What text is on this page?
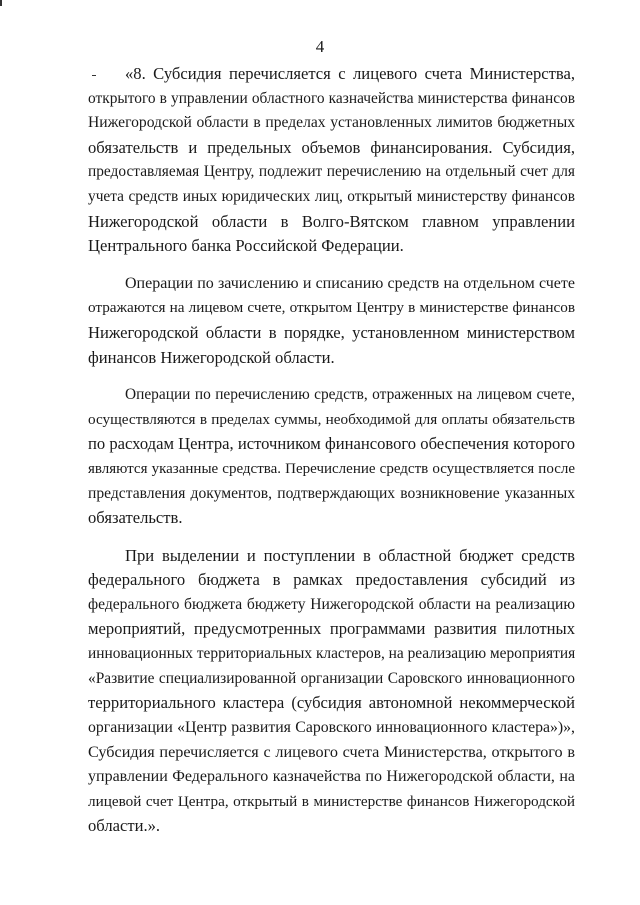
4
«8. Субсидия перечисляется с лицевого счета Министерства,
открытого в управлении областного казначейства министерства финансов
Нижегородской области в пределах установленных лимитов бюджетных
обязательств и предельных объемов финансирования. Субсидия,
предоставляемая Центру, подлежит перечислению на отдельный счет для
учета средств иных юридических лиц, открытый министерству финансов
Нижегородской области в Волго-Вятском главном управлении
Центрального банка Российской Федерации.
Операции по зачислению и списанию средств на отдельном счете
отражаются на лицевом счете, открытом Центру в министерстве финансов
Нижегородской области в порядке, установленном министерством
финансов Нижегородской области.
Операции по перечислению средств, отраженных на лицевом счете,
осуществляются в пределах суммы, необходимой для оплаты обязательств
по расходам Центра, источником финансового обеспечения которого
являются указанные средства. Перечисление средств осуществляется после
представления документов, подтверждающих возникновение указанных
обязательств.
При выделении и поступлении в областной бюджет средств
федерального бюджета в рамках предоставления субсидий из
федерального бюджета бюджету Нижегородской области на реализацию
мероприятий, предусмотренных программами развития пилотных
инновационных территориальных кластеров, на реализацию мероприятия
«Развитие специализированной организации Саровского инновационного
территориального кластера (субсидия автономной некоммерческой
организации «Центр развития Саровского инновационного кластера»)»,
Субсидия перечисляется с лицевого счета Министерства, открытого в
управлении Федерального казначейства по Нижегородской области, на
лицевой счет Центра, открытый в министерстве финансов Нижегородской
области.».
